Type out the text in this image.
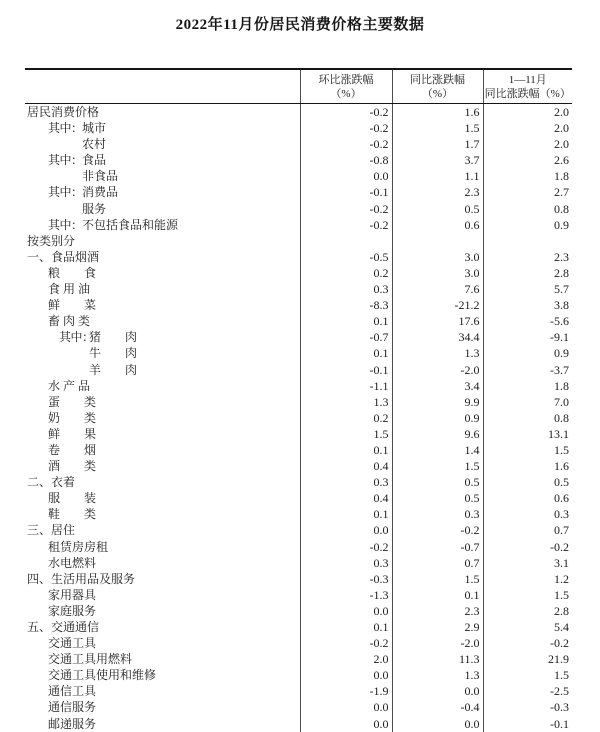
2022年11月份居民消费价格主要数据

环比涨跌幅
（%）

同比涨跌幅
（%）

1—11月
同比涨跌幅（%）

居民消费价格	-0.2	1.6	2.0
其中：城市	-0.2	1.5	2.0
农村	-0.2	1.7	2.0
其中：食品	-0.8	3.7	2.6
非食品	0.0	1.1	1.8
其中：消费品	-0.1	2.3	2.7
服务	-0.2	0.5	0.8
其中：不包括食品和能源	-0.2	0.6	0.9
按类别分			
一、食品烟酒	-0.5	3.0	2.3
粮　　食	0.2	3.0	2.8
食 用 油	0.3	7.6	5.7
鲜　　菜	-8.3	-21.2	3.8
畜 肉 类	0.1	17.6	-5.6
其中：猪　　肉	-0.7	34.4	-9.1
牛　　肉	0.1	1.3	0.9
羊　　肉	-0.1	-2.0	-3.7
水 产 品	-1.1	3.4	1.8
蛋　　类	1.3	9.9	7.0
奶　　类	0.2	0.9	0.8
鲜　　果	1.5	9.6	13.1
卷　　烟	0.1	1.4	1.5
酒　　类	0.4	1.5	1.6
二、衣着	0.3	0.5	0.5
服　　装	0.4	0.5	0.6
鞋　　类	0.1	0.3	0.3
三、居住	0.0	-0.2	0.7
租赁房房租	-0.2	-0.7	-0.2
水电燃料	0.3	0.7	3.1
四、生活用品及服务	-0.3	1.5	1.2
家用器具	-1.3	0.1	1.5
家庭服务	0.0	2.3	2.8
五、交通通信	0.1	2.9	5.4
交通工具	-0.2	-2.0	-0.2
交通工具用燃料	2.0	11.3	21.9
交通工具使用和维修	0.0	1.3	1.5
通信工具	-1.9	0.0	-2.5
通信服务	0.0	-0.4	-0.3
邮递服务	0.0	0.0	-0.1
